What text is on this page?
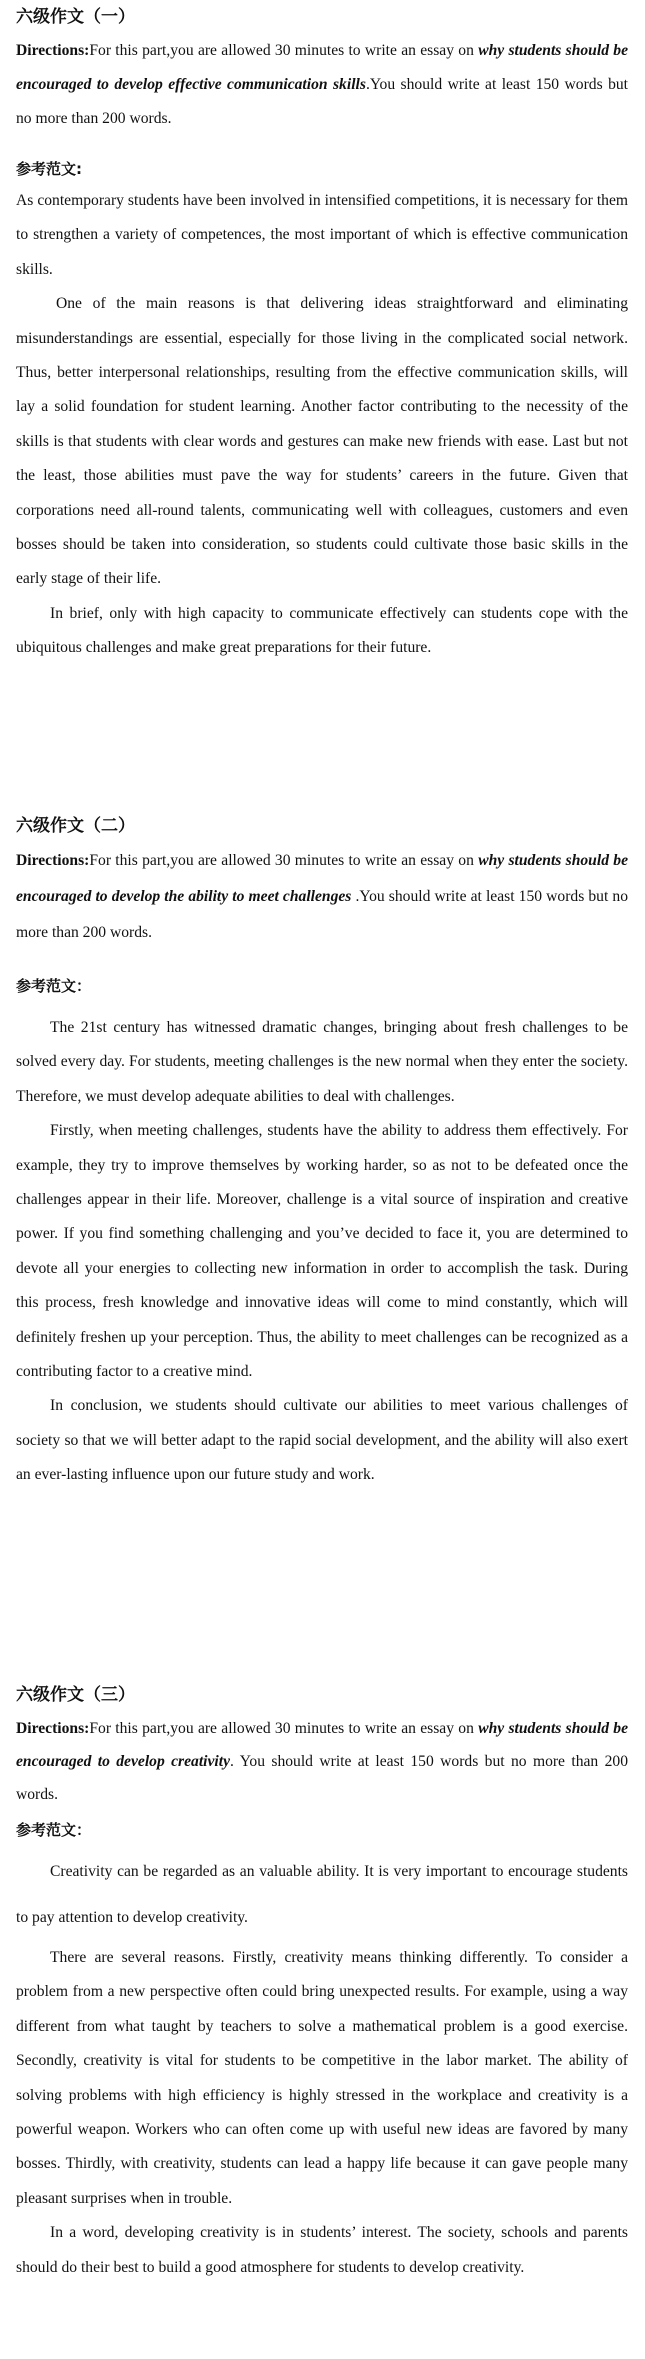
六级作文（一）

Directions:For this part,you are allowed 30 minutes to write an essay on why students should be encouraged to develop effective communication skills.You should write at least 150 words but no more than 200 words.

参考范文:

As contemporary students have been involved in intensified competitions, it is necessary for them to strengthen a variety of competences, the most important of which is effective communication skills.

One of the main reasons is that delivering ideas straightforward and eliminating misunderstandings are essential, especially for those living in the complicated social network. Thus, better interpersonal relationships, resulting from the effective communication skills, will lay a solid foundation for student learning. Another factor contributing to the necessity of the skills is that students with clear words and gestures can make new friends with ease. Last but not the least, those abilities must pave the way for students’ careers in the future. Given that corporations need all-round talents, communicating well with colleagues, customers and even bosses should be taken into consideration, so students could cultivate those basic skills in the early stage of their life.

In brief, only with high capacity to communicate effectively can students cope with the ubiquitous challenges and make great preparations for their future.

六级作文（二）

Directions:For this part,you are allowed 30 minutes to write an essay on why students should be encouraged to develop the ability to meet challenges .You should write at least 150 words but no more than 200 words.

参考范文：

The 21st century has witnessed dramatic changes, bringing about fresh challenges to be solved every day. For students, meeting challenges is the new normal when they enter the society. Therefore, we must develop adequate abilities to deal with challenges.

Firstly, when meeting challenges, students have the ability to address them effectively. For example, they try to improve themselves by working harder, so as not to be defeated once the challenges appear in their life. Moreover, challenge is a vital source of inspiration and creative power. If you find something challenging and you’ve decided to face it, you are determined to devote all your energies to collecting new information in order to accomplish the task. During this process, fresh knowledge and innovative ideas will come to mind constantly, which will definitely freshen up your perception. Thus, the ability to meet challenges can be recognized as a contributing factor to a creative mind.

In conclusion, we students should cultivate our abilities to meet various challenges of society so that we will better adapt to the rapid social development, and the ability will also exert an ever-lasting influence upon our future study and work.

六级作文（三）

Directions:For this part,you are allowed 30 minutes to write an essay on why students should be encouraged to develop creativity. You should write at least 150 words but no more than 200 words.

参考范文：

Creativity can be regarded as an valuable ability. It is very important to encourage students to pay attention to develop creativity.

There are several reasons. Firstly, creativity means thinking differently. To consider a problem from a new perspective often could bring unexpected results. For example, using a way different from what taught by teachers to solve a mathematical problem is a good exercise. Secondly, creativity is vital for students to be competitive in the labor market. The ability of solving problems with high efficiency is highly stressed in the workplace and creativity is a powerful weapon. Workers who can often come up with useful new ideas are favored by many bosses. Thirdly, with creativity, students can lead a happy life because it can gave people many pleasant surprises when in trouble.

In a word, developing creativity is in students’ interest. The society, schools and parents should do their best to build a good atmosphere for students to develop creativity.
